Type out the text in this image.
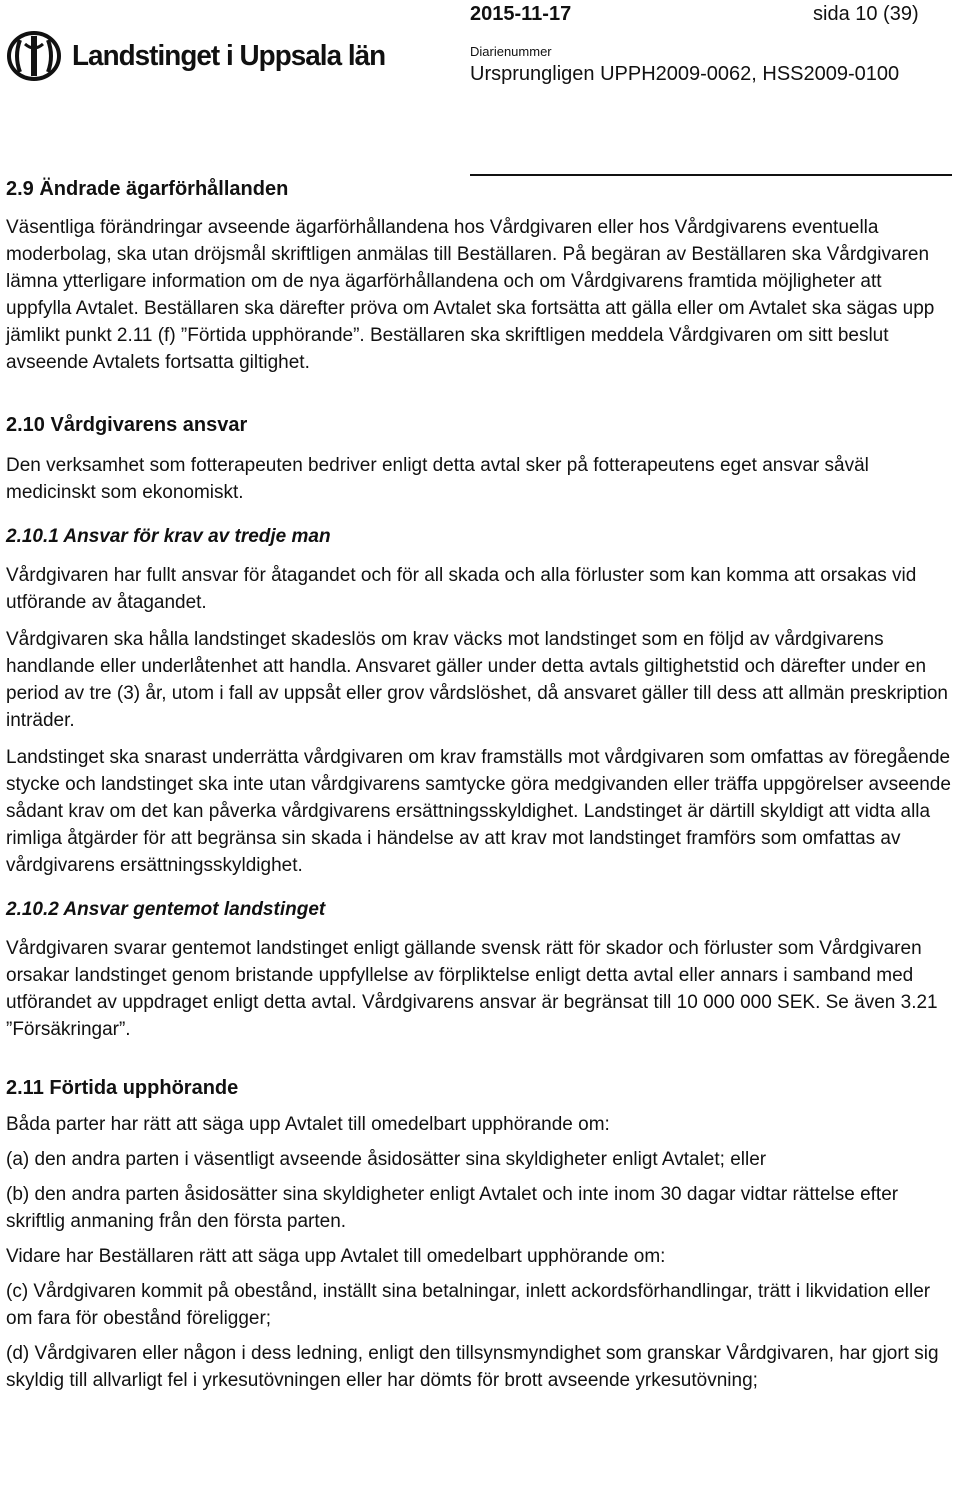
Landstinget i Uppsala län
2015-11-17	sida 10 (39)
Diarienummer
Ursprungligen UPPH2009-0062, HSS2009-0100
2.9 Ändrade ägarförhållanden

Väsentliga förändringar avseende ägarförhållandena hos Vårdgivaren eller hos Vårdgivarens eventuella moderbolag, ska utan dröjsmål skriftligen anmälas till Beställaren. På begäran av Beställaren ska Vårdgivaren lämna ytterligare information om de nya ägarförhållandena och om Vårdgivarens framtida möjligheter att uppfylla Avtalet. Beställaren ska därefter pröva om Avtalet ska fortsätta att gälla eller om Avtalet ska sägas upp jämlikt punkt 2.11 (f) ”Förtida upphörande”. Beställaren ska skriftligen meddela Vårdgivaren om sitt beslut avseende Avtalets fortsatta giltighet.

2.10 Vårdgivarens ansvar

Den verksamhet som fotterapeuten bedriver enligt detta avtal sker på fotterapeutens eget ansvar såväl medicinskt som ekonomiskt.

2.10.1 Ansvar för krav av tredje man

Vårdgivaren har fullt ansvar för åtagandet och för all skada och alla förluster som kan komma att orsakas vid utförande av åtagandet.

Vårdgivaren ska hålla landstinget skadeslös om krav väcks mot landstinget som en följd av vårdgivarens handlande eller underlåtenhet att handla. Ansvaret gäller under detta avtals giltighetstid och därefter under en period av tre (3) år, utom i fall av uppsåt eller grov vårdslöshet, då ansvaret gäller till dess att allmän preskription inträder.

Landstinget ska snarast underrätta vårdgivaren om krav framställs mot vårdgivaren som omfattas av föregående stycke och landstinget ska inte utan vårdgivarens samtycke göra medgivanden eller träffa uppgörelser avseende sådant krav om det kan påverka vårdgivarens ersättningsskyldighet. Landstinget är därtill skyldigt att vidta alla rimliga åtgärder för att begränsa sin skada i händelse av att krav mot landstinget framförs som omfattas av vårdgivarens ersättningsskyldighet.

2.10.2 Ansvar gentemot landstinget

Vårdgivaren svarar gentemot landstinget enligt gällande svensk rätt för skador och förluster som Vårdgivaren orsakar landstinget genom bristande uppfyllelse av förpliktelse enligt detta avtal eller annars i samband med utförandet av uppdraget enligt detta avtal. Vårdgivarens ansvar är begränsat till 10 000 000 SEK. Se även 3.21 ”Försäkringar”.

2.11 Förtida upphörande

Båda parter har rätt att säga upp Avtalet till omedelbart upphörande om:

(a) den andra parten i väsentligt avseende åsidosätter sina skyldigheter enligt Avtalet; eller

(b) den andra parten åsidosätter sina skyldigheter enligt Avtalet och inte inom 30 dagar vidtar rättelse efter skriftlig anmaning från den första parten.

Vidare har Beställaren rätt att säga upp Avtalet till omedelbart upphörande om:

(c) Vårdgivaren kommit på obestånd, inställt sina betalningar, inlett ackordsförhandlingar, trätt i likvidation eller om fara för obestånd föreligger;

(d) Vårdgivaren eller någon i dess ledning, enligt den tillsynsmyndighet som granskar Vårdgivaren, har gjort sig skyldig till allvarligt fel i yrkesutövningen eller har dömts för brott avseende yrkesutövning;
